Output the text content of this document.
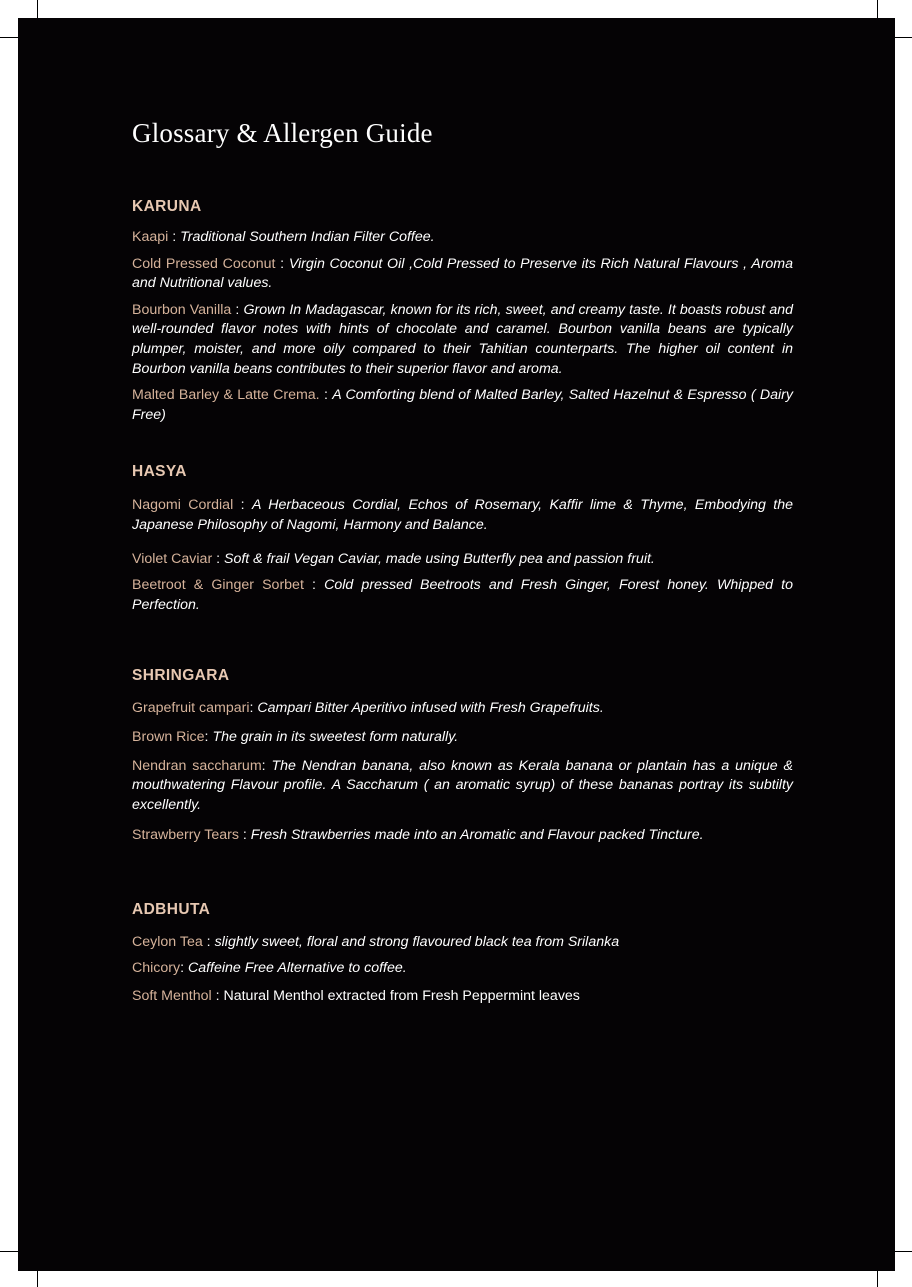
Glossary & Allergen Guide
KARUNA

Kaapi : Traditional Southern Indian Filter Coffee.

Cold Pressed Coconut : Virgin Coconut Oil ,Cold Pressed to Preserve its Rich Natural Flavours , Aroma and Nutritional values.

Bourbon Vanilla : Grown In Madagascar, known for its rich, sweet, and creamy taste. It boasts robust and well-rounded flavor notes with hints of chocolate and caramel. Bourbon vanilla beans are typically plumper, moister, and more oily compared to their Tahitian counterparts. The higher oil content in Bourbon vanilla beans contributes to their superior flavor and aroma.

Malted Barley & Latte Crema. : A Comforting blend of Malted Barley, Salted Hazelnut & Espresso ( Dairy Free)

HASYA

Nagomi Cordial : A Herbaceous Cordial, Echos of Rosemary, Kaffir lime & Thyme, Embodying the Japanese Philosophy of Nagomi, Harmony and Balance.

Violet Caviar : Soft & frail Vegan Caviar, made using Butterfly pea and passion fruit.

Beetroot & Ginger Sorbet : Cold pressed Beetroots and Fresh Ginger, Forest honey. Whipped to Perfection.

SHRINGARA

Grapefruit campari: Campari Bitter Aperitivo infused with Fresh Grapefruits.

Brown Rice: The grain in its sweetest form naturally.

Nendran saccharum: The Nendran banana, also known as Kerala banana or plantain has a unique & mouthwatering Flavour profile. A Saccharum ( an aromatic syrup) of these bananas portray its subtilty excellently.

Strawberry Tears : Fresh Strawberries made into an Aromatic and Flavour packed Tincture.

ADBHUTA

Ceylon Tea : slightly sweet, floral and strong flavoured black tea from Srilanka

Chicory: Caffeine Free Alternative to coffee.

Soft Menthol : Natural Menthol extracted from Fresh Peppermint leaves
